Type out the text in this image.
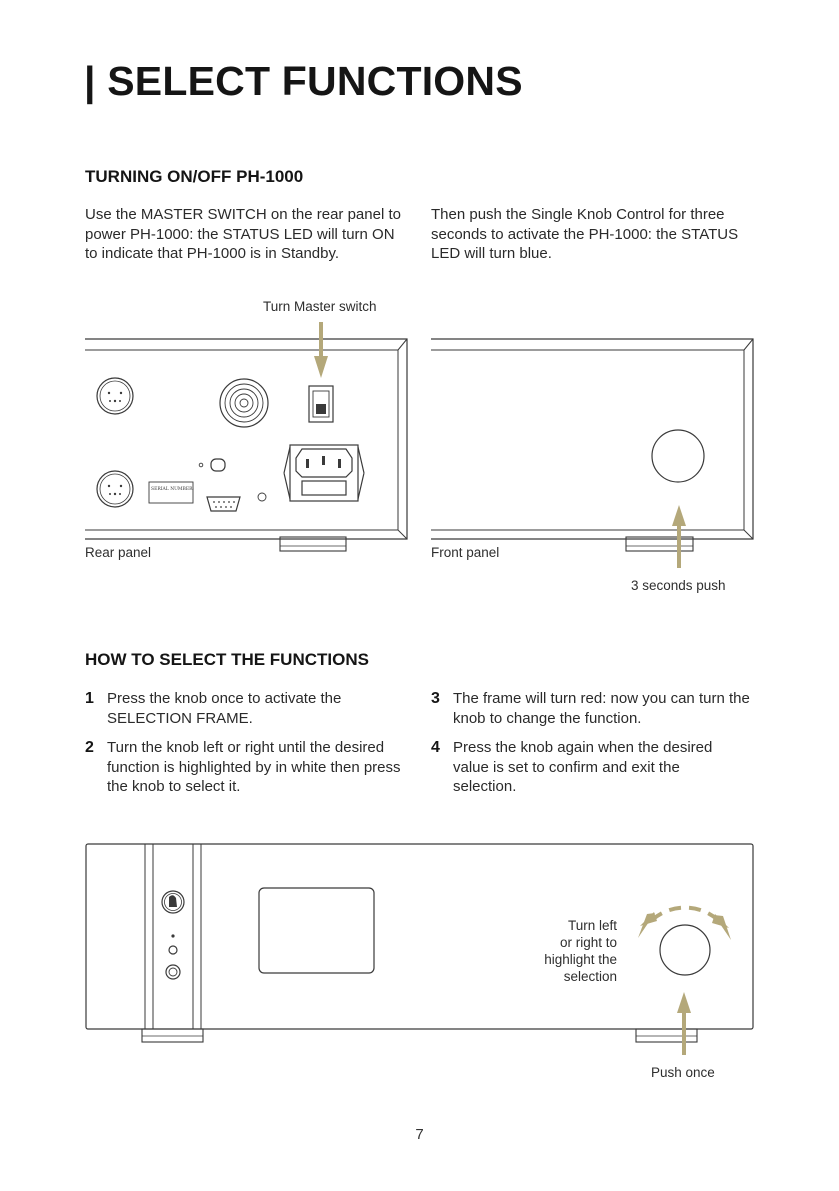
| SELECT FUNCTIONS
TURNING ON/OFF PH-1000
Use the MASTER SWITCH on the rear panel to power PH-1000: the STATUS LED will turn ON to indicate that PH-1000 is in Standby.
Then push the Single Knob Control for three seconds to activate the PH-1000: the STATUS LED will turn blue.
SERIAL NUMBER:
Turn Master switch
Rear panel	Front panel
3 seconds push
HOW TO SELECT THE FUNCTIONS
1 Press the knob once to activate the SELECTION FRAME.
2 Turn the knob left or right until the desired function is highlighted by in white then press the knob to select it.
3 The frame will turn red: now you can turn the knob to change the function.
4 Press the knob again when the desired value is set to confirm and exit the selection.
Turn left
or right to
highlight the
selection
Push once
7
